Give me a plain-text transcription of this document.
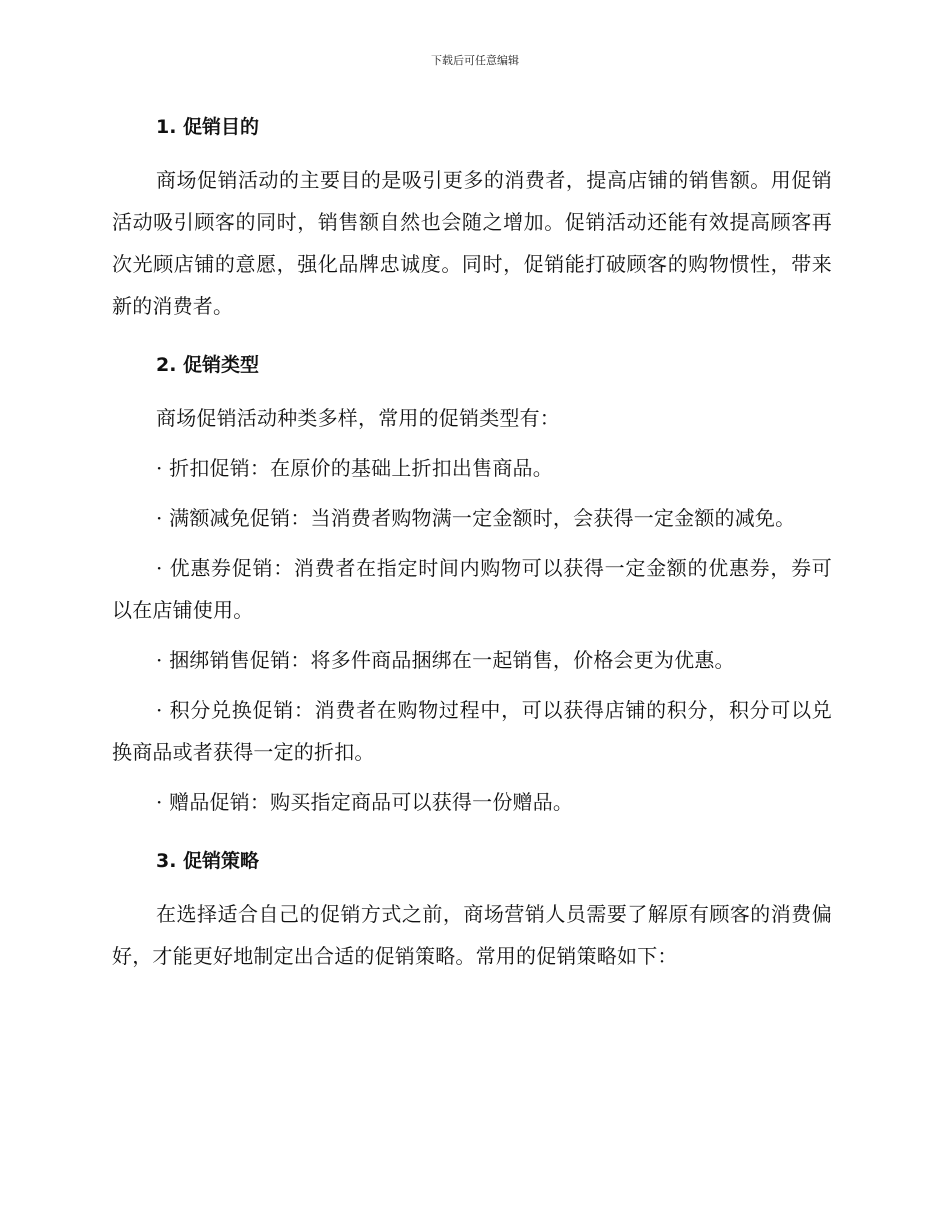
下载后可任意编辑
1. 促销目的

商场促销活动的主要目的是吸引更多的消费者，提高店铺的销售额。用促销活动吸引顾客的同时，销售额自然也会随之增加。促销活动还能有效提高顾客再次光顾店铺的意愿，强化品牌忠诚度。同时，促销能打破顾客的购物惯性，带来新的消费者。

2. 促销类型

商场促销活动种类多样，常用的促销类型有：

· 折扣促销：在原价的基础上折扣出售商品。

· 满额减免促销：当消费者购物满一定金额时，会获得一定金额的减免。

· 优惠券促销：消费者在指定时间内购物可以获得一定金额的优惠券，券可以在店铺使用。

· 捆绑销售促销：将多件商品捆绑在一起销售，价格会更为优惠。

· 积分兑换促销：消费者在购物过程中，可以获得店铺的积分，积分可以兑换商品或者获得一定的折扣。

· 赠品促销：购买指定商品可以获得一份赠品。

3. 促销策略

在选择适合自己的促销方式之前，商场营销人员需要了解原有顾客的消费偏好，才能更好地制定出合适的促销策略。常用的促销策略如下：
